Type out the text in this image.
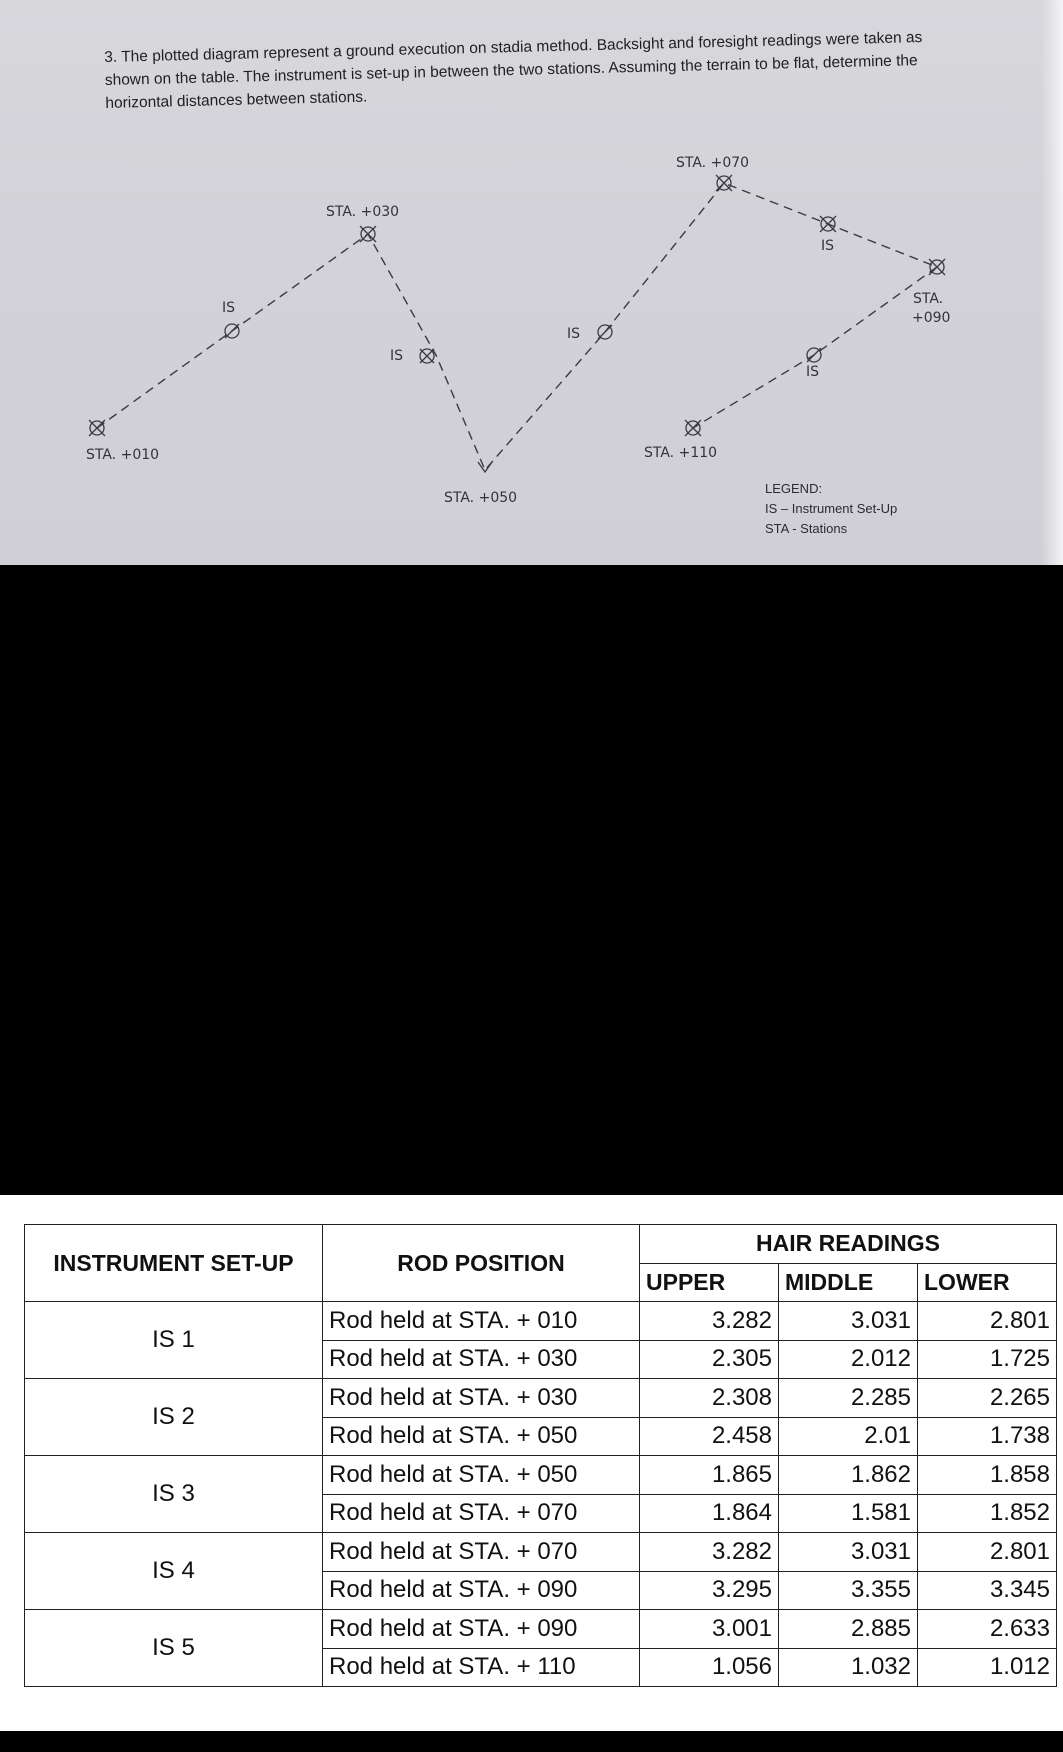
3. The plotted diagram represent a ground execution on stadia method. Backsight and foresight readings were taken as shown on the table. The instrument is set-up in between the two stations. Assuming the terrain to be flat, determine the horizontal distances between stations.
STA. +010
STA. +030
STA. +050
STA. +070
STA.
+090
STA. +110
IS
IS
IS
IS
IS
LEGEND:
IS – Instrument Set-Up
STA - Stations
INSTRUMENT SET-UP	ROD POSITION	HAIR READINGS		
		UPPER	MIDDLE	LOWER
IS 1	Rod held at STA. + 010	3.282	3.031	2.801
	Rod held at STA. + 030	2.305	2.012	1.725
IS 2	Rod held at STA. + 030	2.308	2.285	2.265
	Rod held at STA. + 050	2.458	2.01	1.738
IS 3	Rod held at STA. + 050	1.865	1.862	1.858
	Rod held at STA. + 070	1.864	1.581	1.852
IS 4	Rod held at STA. + 070	3.282	3.031	2.801
	Rod held at STA. + 090	3.295	3.355	3.345
IS 5	Rod held at STA. + 090	3.001	2.885	2.633
	Rod held at STA. + 110	1.056	1.032	1.012
